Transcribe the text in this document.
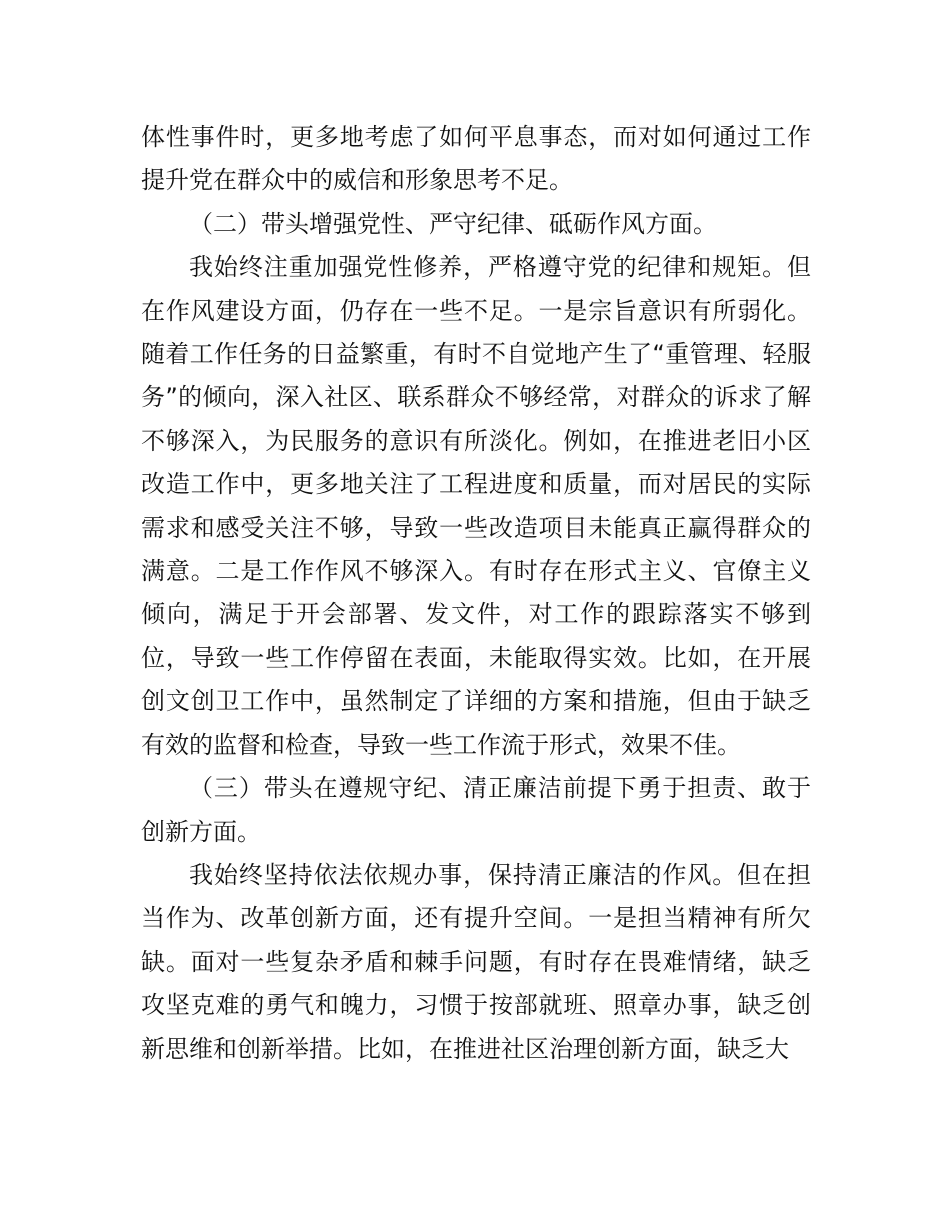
体性事件时，更多地考虑了如何平息事态，而对如何通过工作提升党在群众中的威信和形象思考不足。

（二）带头增强党性、严守纪律、砥砺作风方面。

我始终注重加强党性修养，严格遵守党的纪律和规矩。但在作风建设方面，仍存在一些不足。一是宗旨意识有所弱化。随着工作任务的日益繁重，有时不自觉地产生了“重管理、轻服务”的倾向，深入社区、联系群众不够经常，对群众的诉求了解不够深入，为民服务的意识有所淡化。例如，在推进老旧小区改造工作中，更多地关注了工程进度和质量，而对居民的实际需求和感受关注不够，导致一些改造项目未能真正赢得群众的满意。二是工作作风不够深入。有时存在形式主义、官僚主义倾向，满足于开会部署、发文件，对工作的跟踪落实不够到位，导致一些工作停留在表面，未能取得实效。比如，在开展创文创卫工作中，虽然制定了详细的方案和措施，但由于缺乏有效的监督和检查，导致一些工作流于形式，效果不佳。

（三）带头在遵规守纪、清正廉洁前提下勇于担责、敢于创新方面。

我始终坚持依法依规办事，保持清正廉洁的作风。但在担当作为、改革创新方面，还有提升空间。一是担当精神有所欠缺。面对一些复杂矛盾和棘手问题，有时存在畏难情绪，缺乏攻坚克难的勇气和魄力，习惯于按部就班、照章办事，缺乏创新思维和创新举措。比如，在推进社区治理创新方面，缺乏大
